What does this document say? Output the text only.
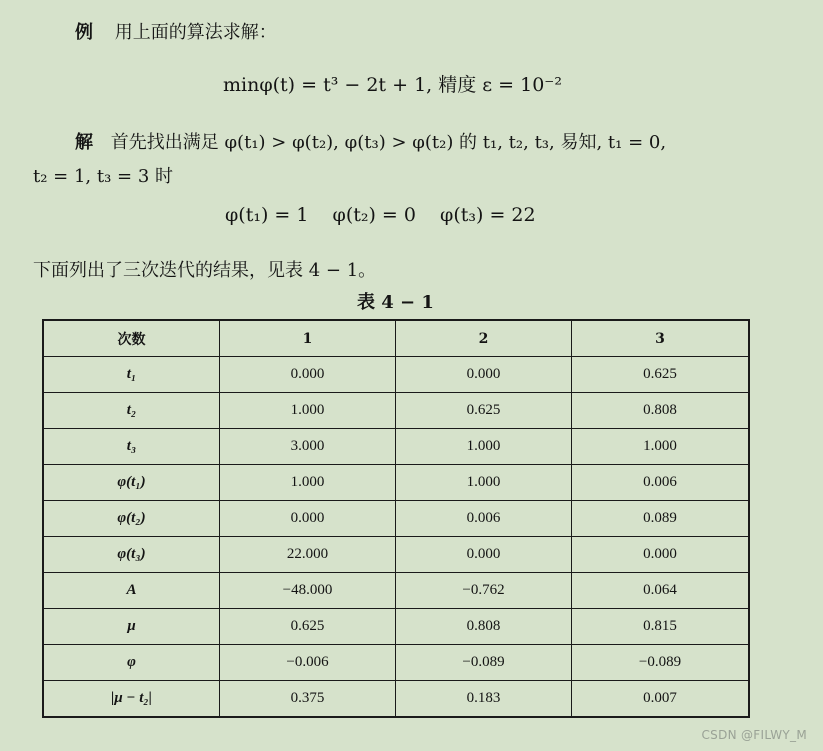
例 用上面的算法求解：
minφ(t) = t³ − 2t + 1, 精度 ε = 10⁻²
解 首先找出满足 φ(t₁) > φ(t₂), φ(t₃) > φ(t₂) 的 t₁, t₂, t₃, 易知, t₁ = 0,
t₂ = 1, t₃ = 3 时
φ(t₁) = 1 φ(t₂) = 0 φ(t₃) = 22
下面列出了三次迭代的结果，见表 4 − 1。
表 4 − 1
次数	1	2	3
t₁	0.000	0.000	0.625
t₂	1.000	0.625	0.808
t₃	3.000	1.000	1.000
φ(t₁)	1.000	1.000	0.006
φ(t₂)	0.000	0.006	0.089
φ(t₃)	22.000	0.000	0.000
A	−48.000	−0.762	0.064
μ	0.625	0.808	0.815
φ	−0.006	−0.089	−0.089
|μ − t₂|	0.375	0.183	0.007
CSDN @FILWY_M
